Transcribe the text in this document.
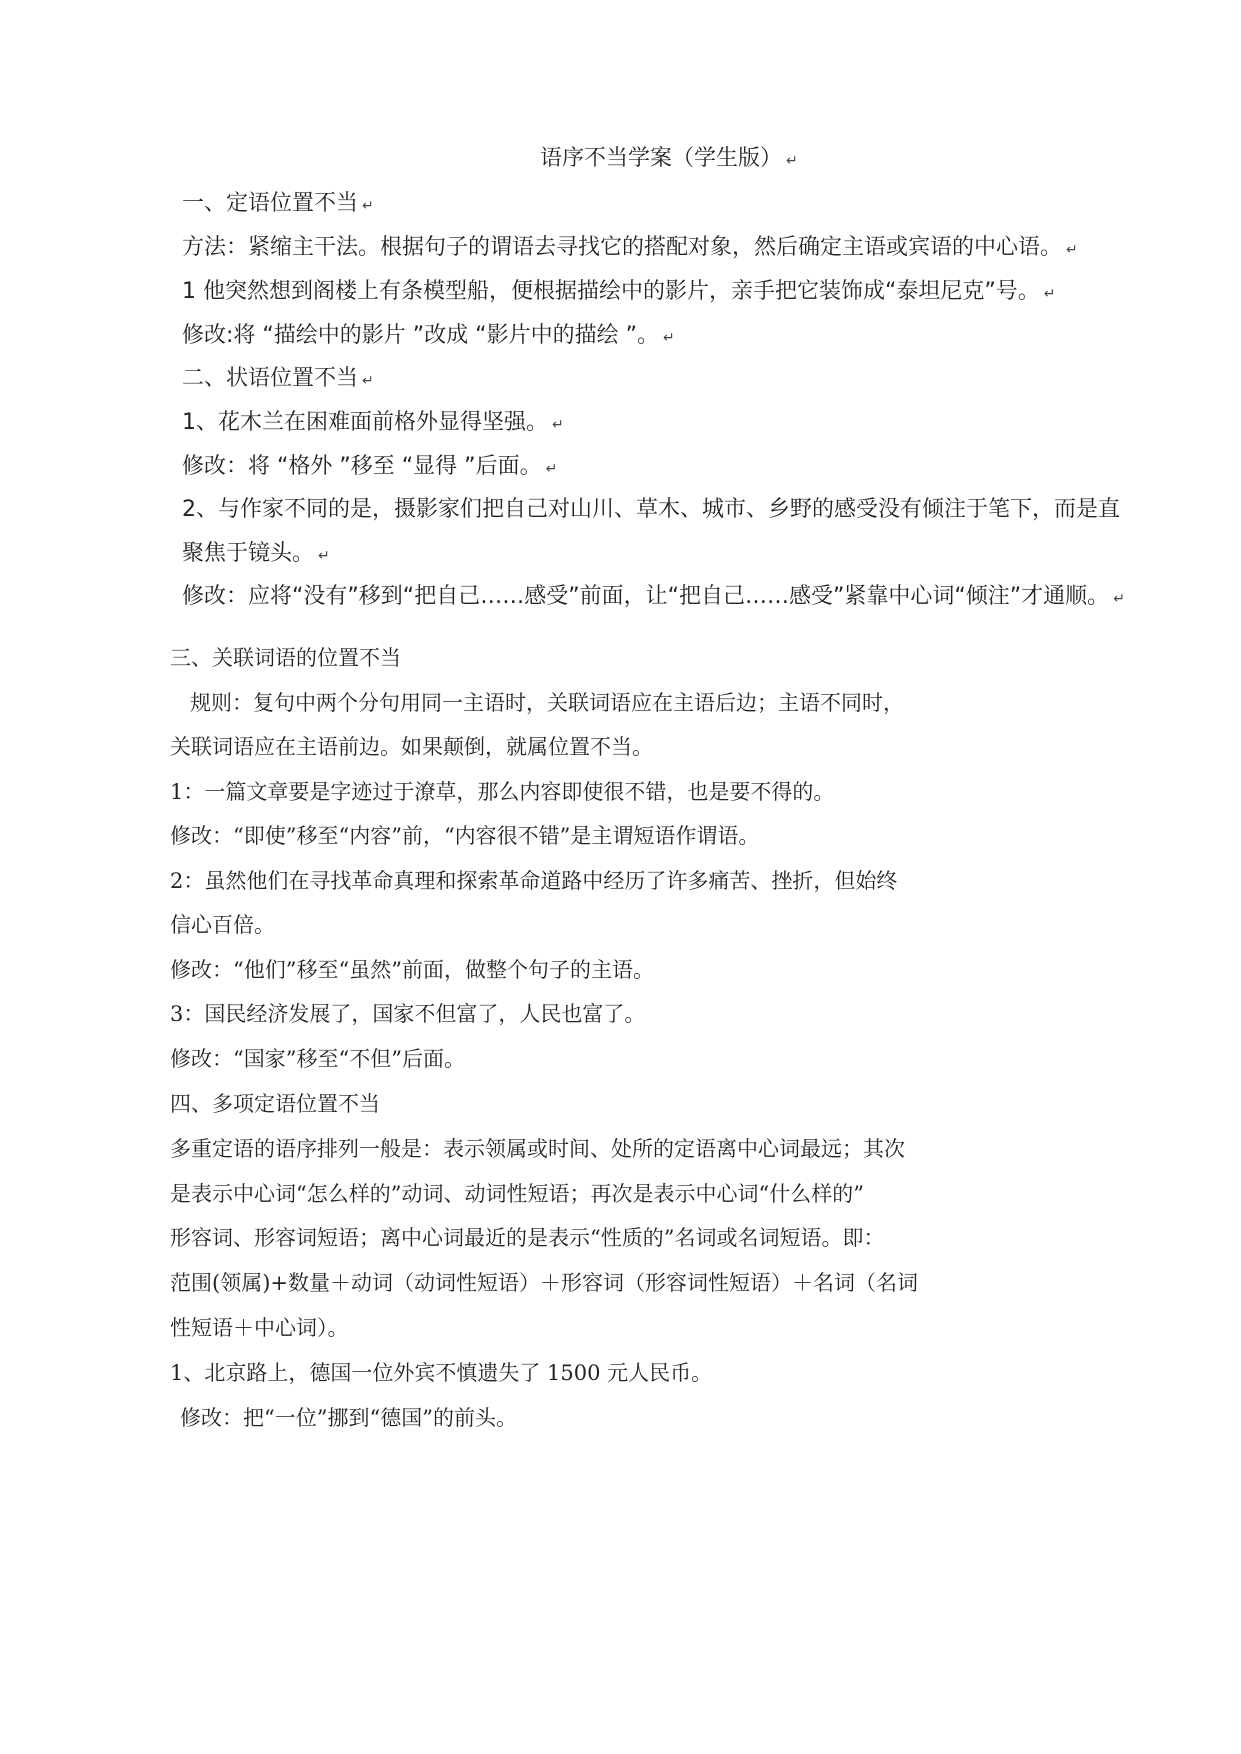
语序不当学案（学生版） ↵
一、定语位置不当 ↵
方法：紧缩主干法。根据句子的谓语去寻找它的搭配对象，然后确定主语或宾语的中心语。 ↵
1 他突然想到阁楼上有条模型船，便根据描绘中的影片，亲手把它装饰成“泰坦尼克”号。 ↵
修改:将 “描绘中的影片 ”改成 “影片中的描绘 ”。 ↵
二、状语位置不当 ↵
1、花木兰在困难面前格外显得坚强。 ↵
修改：将 “格外 ”移至 “显得 ”后面。 ↵
2、与作家不同的是，摄影家们把自己对山川、草木、城市、乡野的感受没有倾注于笔下，而是直
聚焦于镜头。 ↵
修改：应将“没有”移到“把自己……感受”前面，让“把自己……感受”紧靠中心词“倾注”才通顺。 ↵
三、关联词语的位置不当
规则：复句中两个分句用同一主语时，关联词语应在主语后边；主语不同时，
关联词语应在主语前边。如果颠倒，就属位置不当。
1：一篇文章要是字迹过于潦草，那么内容即使很不错，也是要不得的。
修改：“即使”移至“内容”前，“内容很不错”是主谓短语作谓语。
2：虽然他们在寻找革命真理和探索革命道路中经历了许多痛苦、挫折，但始终
信心百倍。
修改：“他们”移至“虽然”前面，做整个句子的主语。
3：国民经济发展了，国家不但富了，人民也富了。
修改：“国家”移至“不但”后面。
四、多项定语位置不当
多重定语的语序排列一般是：表示领属或时间、处所的定语离中心词最远；其次
是表示中心词“怎么样的”动词、动词性短语；再次是表示中心词“什么样的”
形容词、形容词短语；离中心词最近的是表示“性质的”名词或名词短语。即：
范围(领属)+数量＋动词（动词性短语）＋形容词（形容词性短语）＋名词（名词
性短语＋中心词）。
1、北京路上，德国一位外宾不慎遗失了 1500 元人民币。
修改：把“一位”挪到“德国”的前头。
